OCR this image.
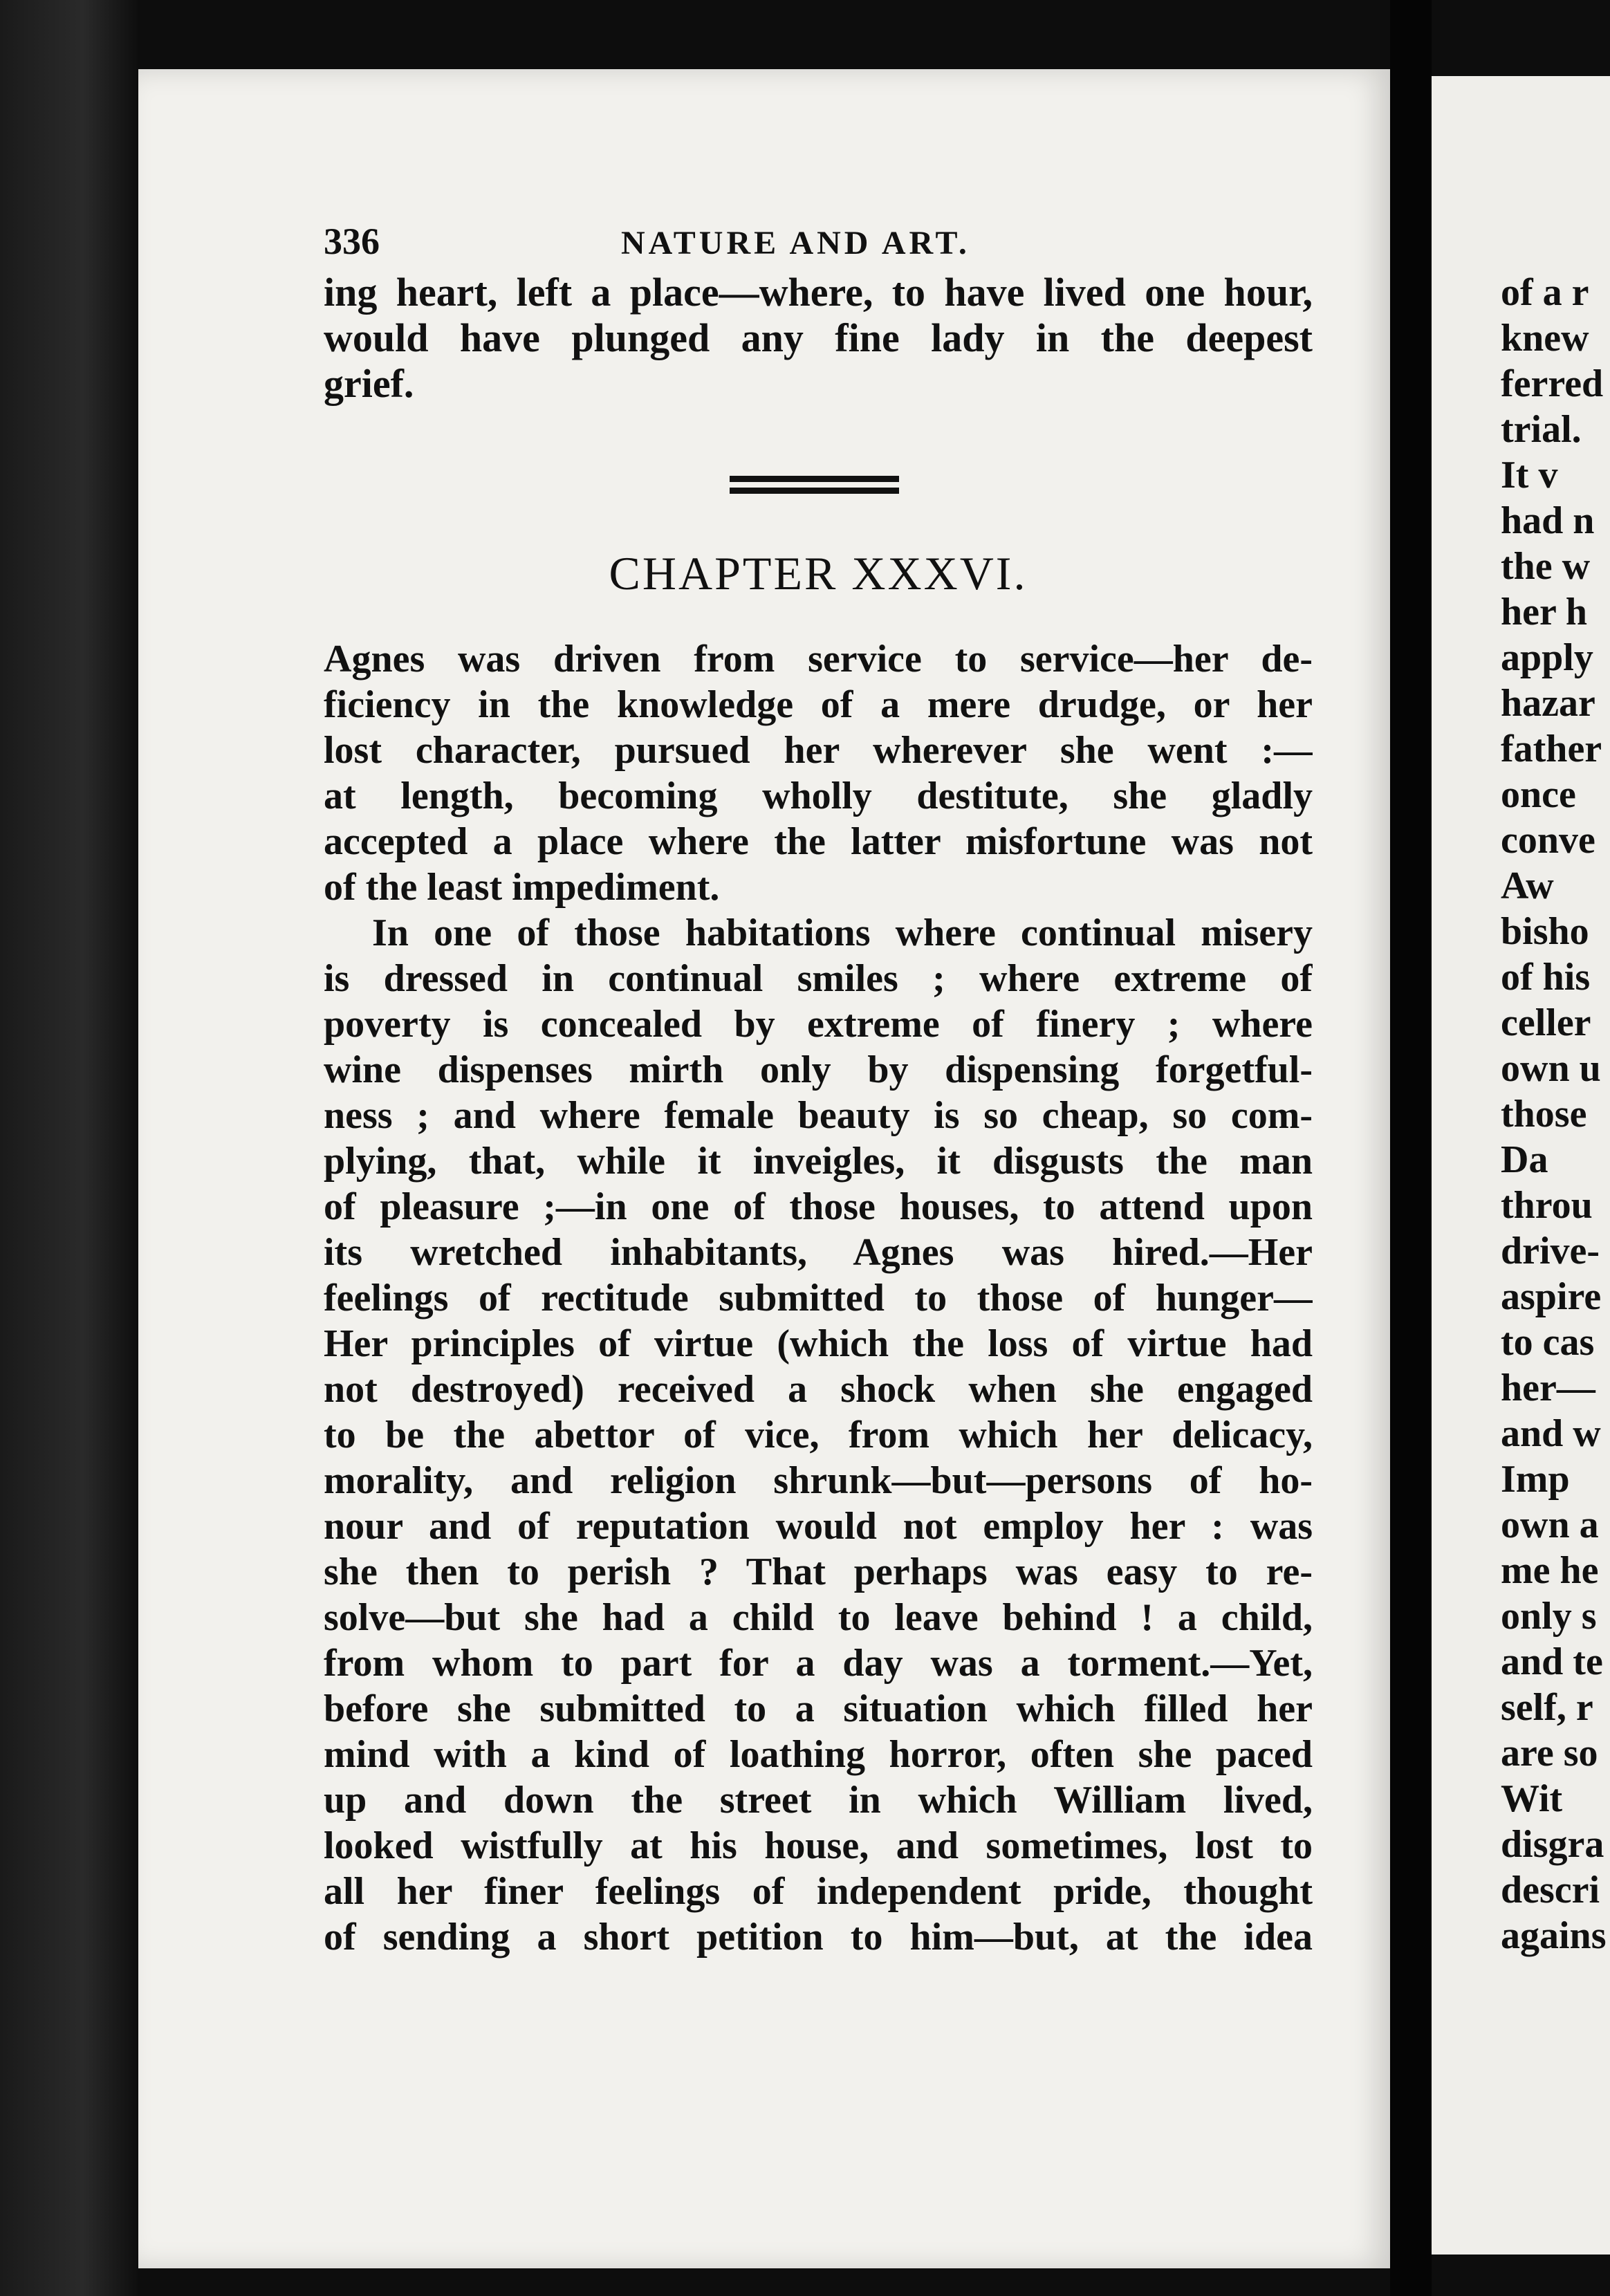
336	NATURE AND ART.
ing heart, left a place—where, to have lived one hour,
would have plunged any fine lady in the deepest
grief.
CHAPTER XXXVI.
Agnes was driven from service to service—her de-
ficiency in the knowledge of a mere drudge, or her
lost character, pursued her wherever she went :—
at length, becoming wholly destitute, she gladly
accepted a place where the latter misfortune was not
of the least impediment.
In one of those habitations where continual misery
is dressed in continual smiles ; where extreme of
poverty is concealed by extreme of finery ; where
wine dispenses mirth only by dispensing forgetful-
ness ; and where female beauty is so cheap, so com-
plying, that, while it inveigles, it disgusts the man
of pleasure ;—in one of those houses, to attend upon
its wretched inhabitants, Agnes was hired.—Her
feelings of rectitude submitted to those of hunger—
Her principles of virtue (which the loss of virtue had
not destroyed) received a shock when she engaged
to be the abettor of vice, from which her delicacy,
morality, and religion shrunk—but—persons of ho-
nour and of reputation would not employ her : was
she then to perish ? That perhaps was easy to re-
solve—but she had a child to leave behind ! a child,
from whom to part for a day was a torment.—Yet,
before she submitted to a situation which filled her
mind with a kind of loathing horror, often she paced
up and down the street in which William lived,
looked wistfully at his house, and sometimes, lost to
all her finer feelings of independent pride, thought
of sending a short petition to him—but, at the idea
of a r
knew
ferred
trial.
It v
had n
the w
her h
apply
hazar
father
once
conve
Aw
bisho
of his
celler
own u
those
Da
throu
drive-
aspire
to cas
her—
and w
Imp
own a
me he
only s
and te
self, r
are so
Wit
disgra
descri
agains
